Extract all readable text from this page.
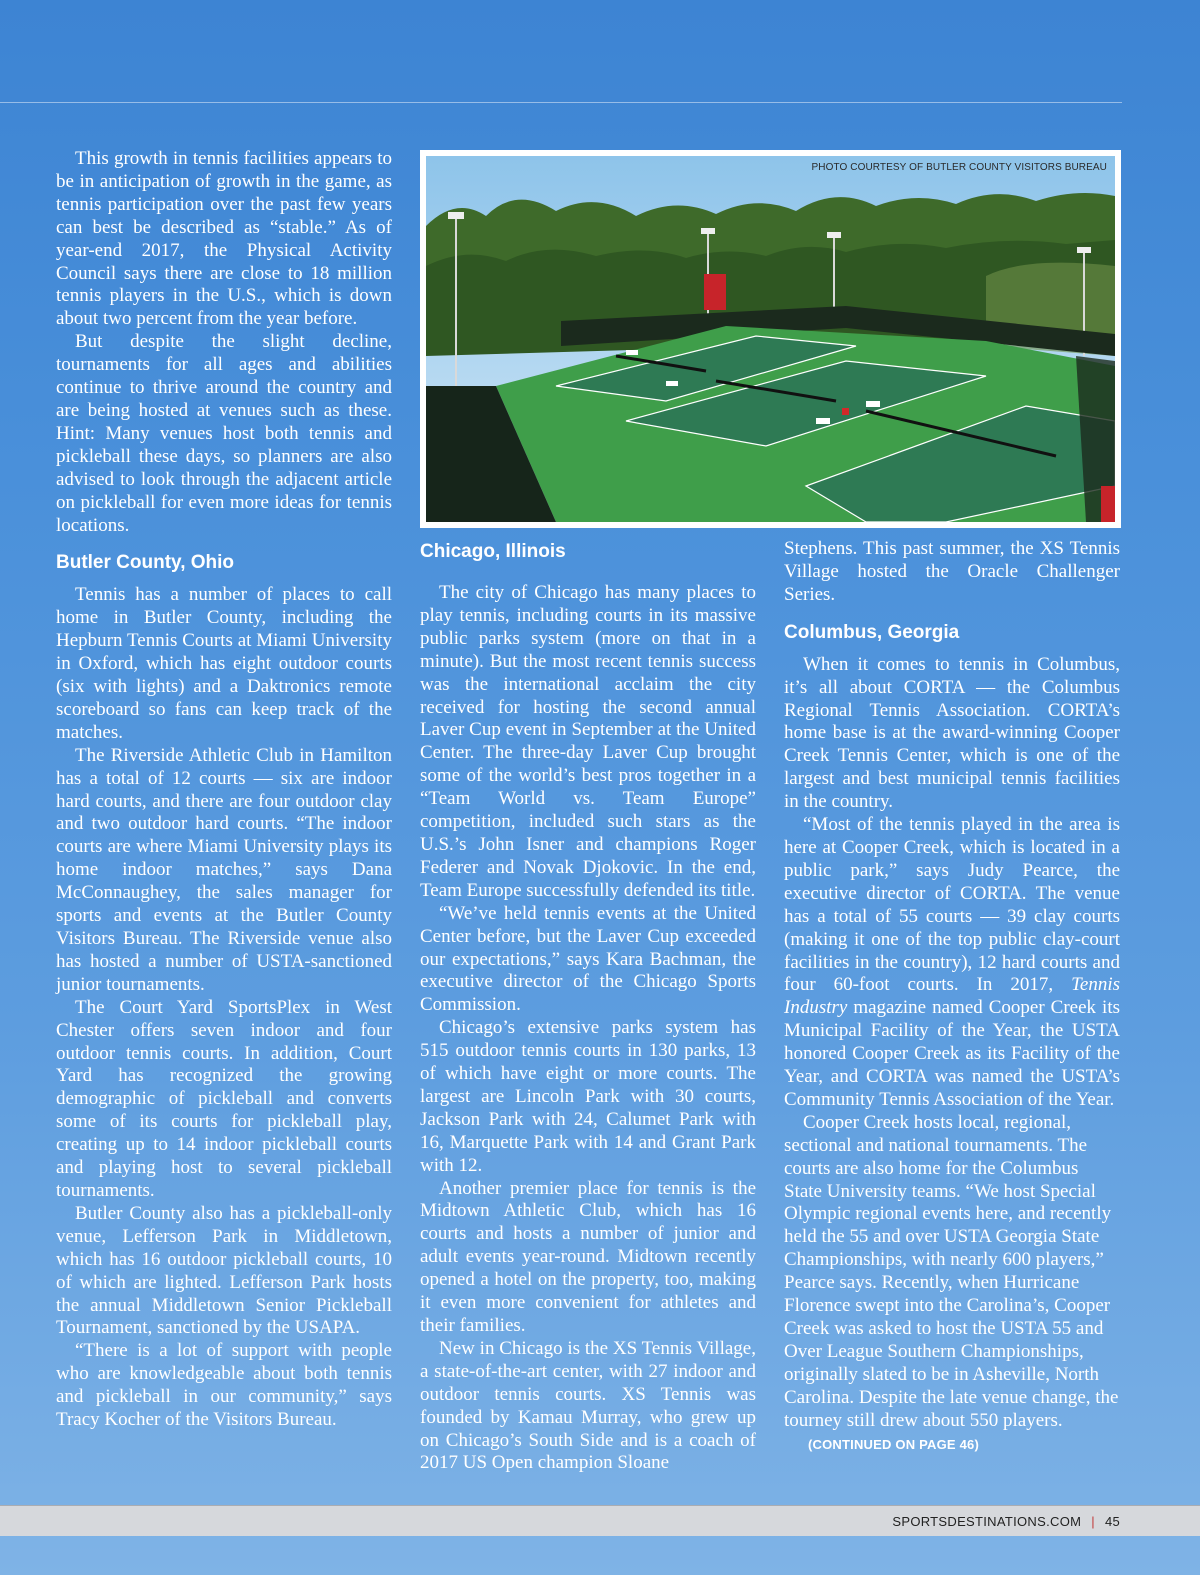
This growth in tennis facilities appears to be in anticipation of growth in the game, as tennis participation over the past few years can best be described as “stable.” As of year-end 2017, the Physical Activity Council says there are close to 18 million tennis players in the U.S., which is down about two percent from the year before.

But despite the slight decline, tournaments for all ages and abilities continue to thrive around the country and are being hosted at venues such as these. Hint: Many venues host both tennis and pickleball these days, so planners are also advised to look through the adjacent article on pickleball for even more ideas for tennis locations.

Butler County, Ohio

Tennis has a number of places to call home in Butler County, including the Hepburn Tennis Courts at Miami University in Oxford, which has eight outdoor courts (six with lights) and a Daktronics remote scoreboard so fans can keep track of the matches.

The Riverside Athletic Club in Hamilton has a total of 12 courts — six are indoor hard courts, and there are four outdoor clay and two outdoor hard courts. “The indoor courts are where Miami University plays its home indoor matches,” says Dana McConnaughey, the sales manager for sports and events at the Butler County Visitors Bureau. The Riverside venue also has hosted a number of USTA-sanctioned junior tournaments.

The Court Yard SportsPlex in West Chester offers seven indoor and four outdoor tennis courts. In addition, Court Yard has recognized the growing demographic of pickleball and converts some of its courts for pickleball play, creating up to 14 indoor pickleball courts and playing host to several pickleball tournaments.

Butler County also has a pickleball-only venue, Lefferson Park in Middletown, which has 16 outdoor pickleball courts, 10 of which are lighted. Lefferson Park hosts the annual Middletown Senior Pickleball Tournament, sanctioned by the USAPA.

“There is a lot of support with people who are knowledgeable about both tennis and pickleball in our community,” says Tracy Kocher of the Visitors Bureau.

PHOTO COURTESY OF BUTLER COUNTY VISITORS BUREAU
Chicago, Illinois

The city of Chicago has many places to play tennis, including courts in its massive public parks system (more on that in a minute). But the most recent tennis success was the international acclaim the city received for hosting the second annual Laver Cup event in September at the United Center. The three-day Laver Cup brought some of the world’s best pros together in a “Team World vs. Team Europe” competition, included such stars as the U.S.’s John Isner and champions Roger Federer and Novak Djokovic. In the end, Team Europe successfully defended its title.

“We’ve held tennis events at the United Center before, but the Laver Cup exceeded our expectations,” says Kara Bachman, the executive director of the Chicago Sports Commission.

Chicago’s extensive parks system has 515 outdoor tennis courts in 130 parks, 13 of which have eight or more courts. The largest are Lincoln Park with 30 courts, Jackson Park with 24, Calumet Park with 16, Marquette Park with 14 and Grant Park with 12.

Another premier place for tennis is the Midtown Athletic Club, which has 16 courts and hosts a number of junior and adult events year-round. Midtown recently opened a hotel on the property, too, making it even more convenient for athletes and their families.

New in Chicago is the XS Tennis Village, a state-of-the-art center, with 27 indoor and outdoor tennis courts. XS Tennis was founded by Kamau Murray, who grew up on Chicago’s South Side and is a coach of 2017 US Open champion Sloane

Stephens. This past summer, the XS Tennis Village hosted the Oracle Challenger Series.

Columbus, Georgia

When it comes to tennis in Columbus, it’s all about CORTA — the Columbus Regional Tennis Association. CORTA’s home base is at the award-winning Cooper Creek Tennis Center, which is one of the largest and best municipal tennis facilities in the country.

“Most of the tennis played in the area is here at Cooper Creek, which is located in a public park,” says Judy Pearce, the executive director of CORTA. The venue has a total of 55 courts — 39 clay courts (making it one of the top public clay-court facilities in the country), 12 hard courts and four 60-foot courts. In 2017, Tennis Industry magazine named Cooper Creek its Municipal Facility of the Year, the USTA honored Cooper Creek as its Facility of the Year, and CORTA was named the USTA’s Community Tennis Association of the Year.

Cooper Creek hosts local, regional, sectional and national tournaments. The courts are also home for the Columbus State University teams. “We host Special Olympic regional events here, and recently held the 55 and over USTA Georgia State Championships, with nearly 600 players,” Pearce says. Recently, when Hurricane Florence swept into the Carolina’s, Cooper Creek was asked to host the USTA 55 and Over League Southern Championships, originally slated to be in Asheville, North Carolina. Despite the late venue change, the tourney still drew about 550 players.(CONTINUED ON PAGE 46)

SPORTSDESTINATIONS.COM | 45
